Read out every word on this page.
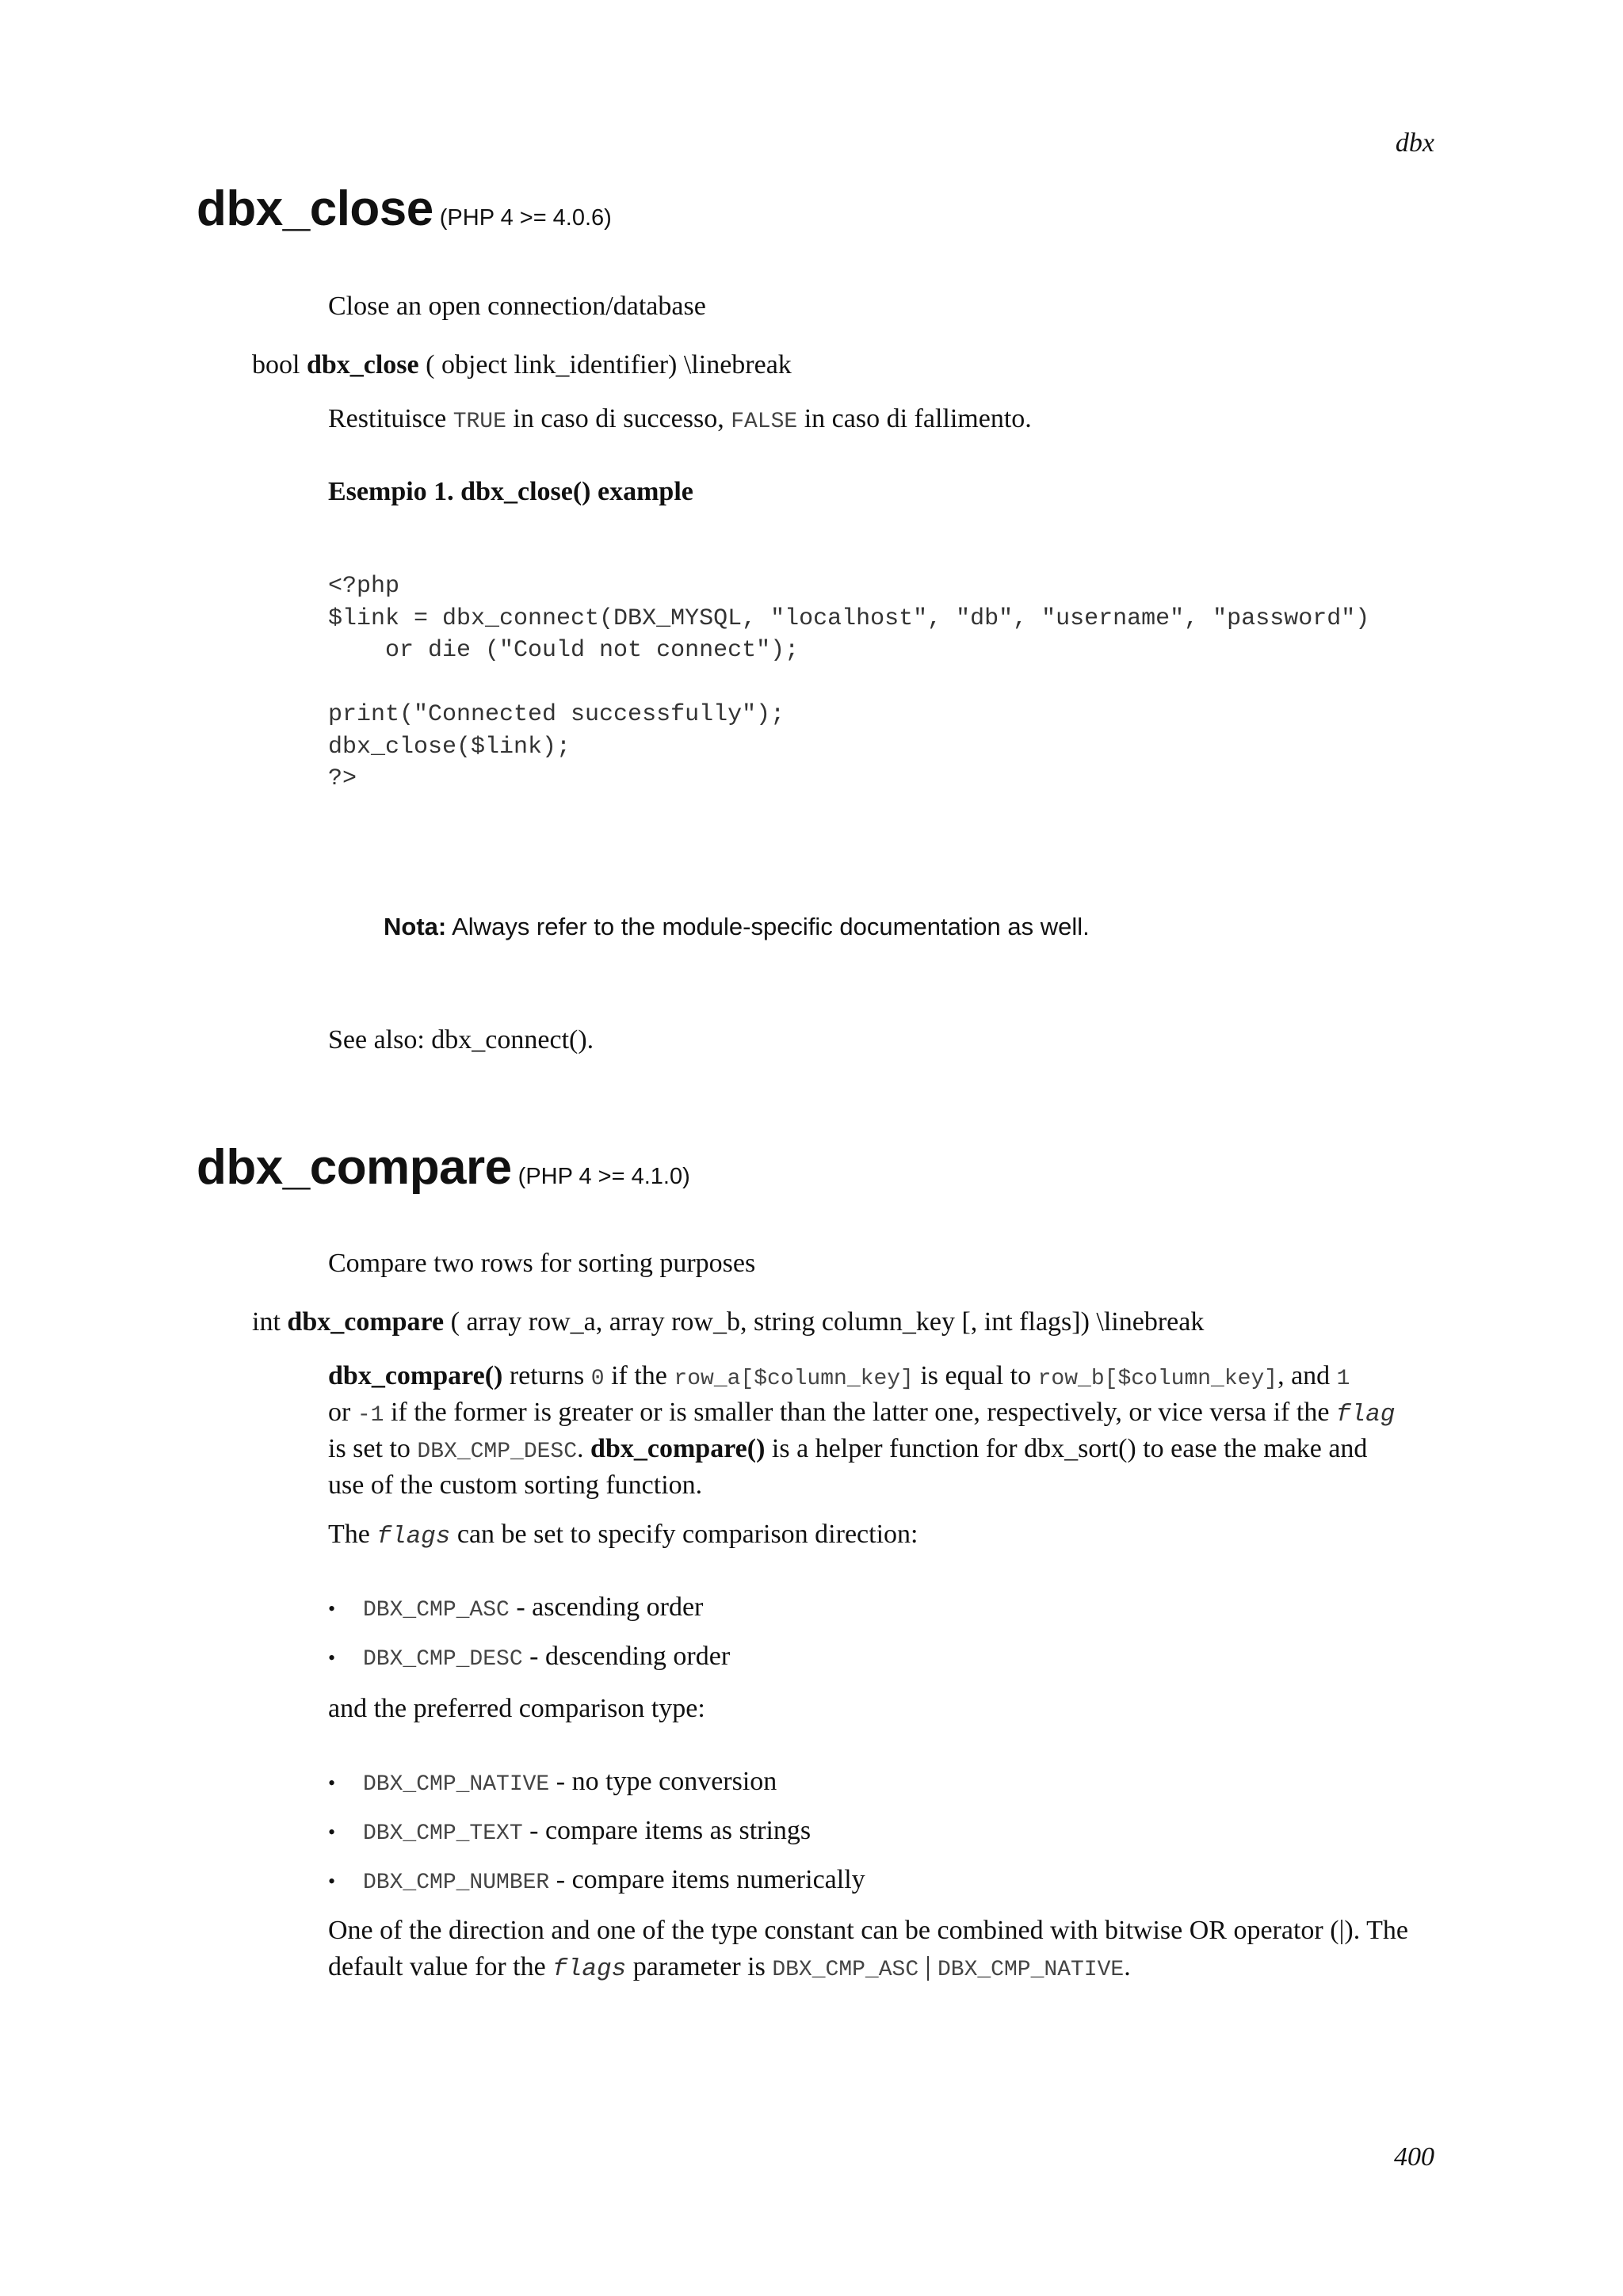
dbx
dbx_close (PHP 4 >= 4.0.6)
Close an open connection/database
bool dbx_close ( object link_identifier) \linebreak
Restituisce TRUE in caso di successo, FALSE in caso di fallimento.
Esempio 1. dbx_close() example
<?php
$link = dbx_connect(DBX_MYSQL, "localhost", "db", "username", "password")
or die ("Could not connect");

print("Connected successfully");
dbx_close($link);
?>
Nota: Always refer to the module-specific documentation as well.
See also: dbx_connect().
dbx_compare (PHP 4 >= 4.1.0)
Compare two rows for sorting purposes
int dbx_compare ( array row_a, array row_b, string column_key [, int flags]) \linebreak
dbx_compare() returns 0 if the row_a[$column_key] is equal to row_b[$column_key], and 1
or -1 if the former is greater or is smaller than the latter one, respectively, or vice versa if the flag
is set to DBX_CMP_DESC. dbx_compare() is a helper function for dbx_sort() to ease the make and
use of the custom sorting function.
The flags can be set to specify comparison direction:
• DBX_CMP_ASC - ascending order
• DBX_CMP_DESC - descending order
and the preferred comparison type:
• DBX_CMP_NATIVE - no type conversion
• DBX_CMP_TEXT - compare items as strings
• DBX_CMP_NUMBER - compare items numerically
One of the direction and one of the type constant can be combined with bitwise OR operator (|). The
default value for the flags parameter is DBX_CMP_ASC | DBX_CMP_NATIVE.
400
